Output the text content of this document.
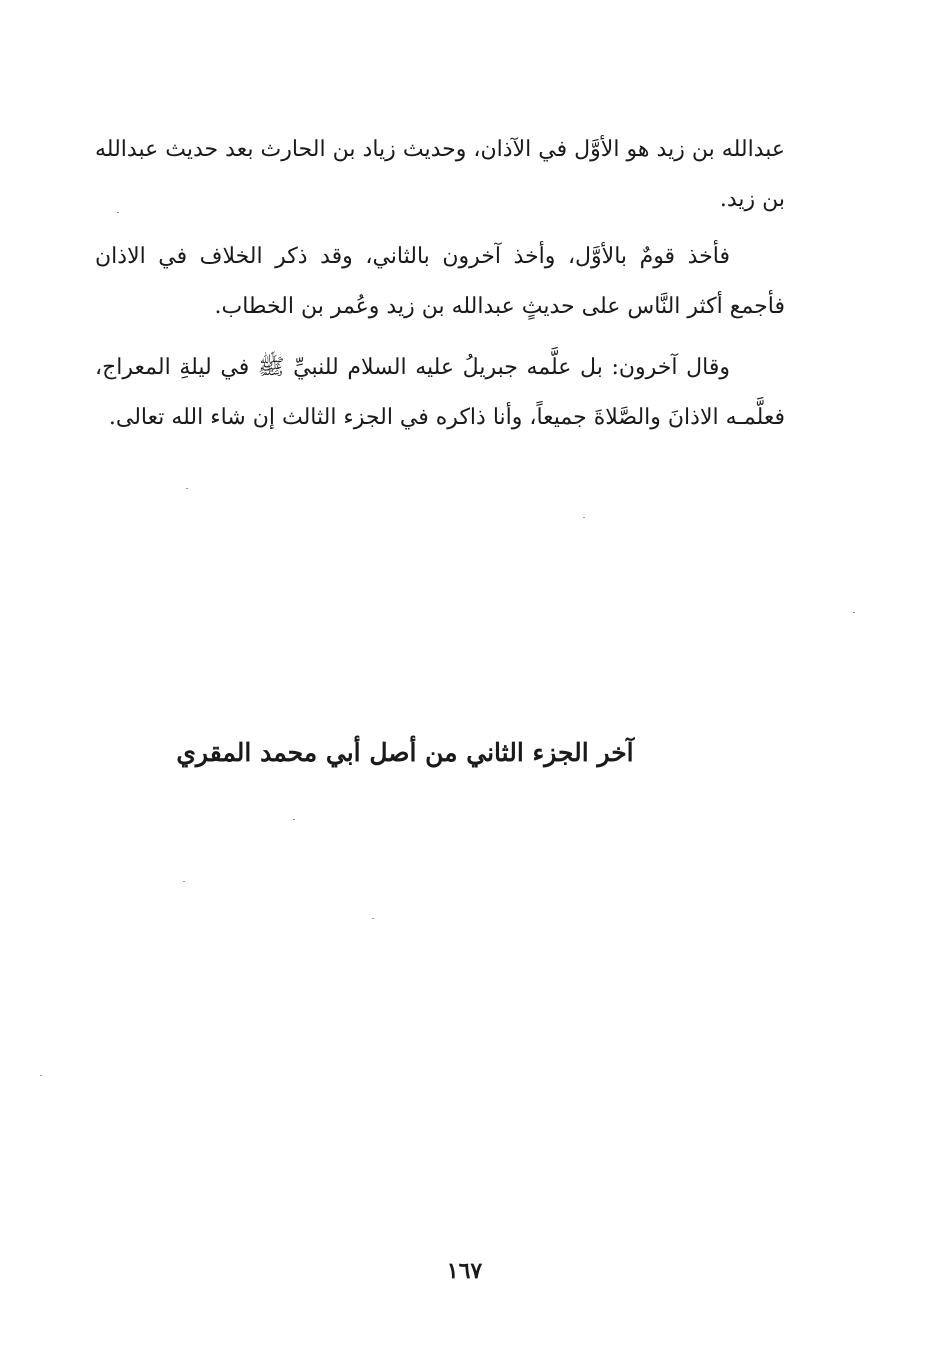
عبدالله بن زيد هو الأوَّل في الآذان، وحديث زياد بن الحارث بعد حديث عبدالله بن زيد.

فأخذ قومٌ بالأوَّل، وأخذ آخرون بالثاني، وقد ذكر الخلاف في الاذان فأجمع أكثر النَّاس على حديثٍ عبدالله بن زيد وعُمر بن الخطاب.

وقال آخرون: بل علَّمه جبريلُ عليه السلام للنبيِّ ﷺ في ليلةِ المعراج، فعلَّمـه الاذانَ والصَّلاةَ جميعاً، وأنا ذاكره في الجزء الثالث إن شاء الله تعالى.

آخر الجزء الثاني من أصل أبي محمد المقري

١٦٧
